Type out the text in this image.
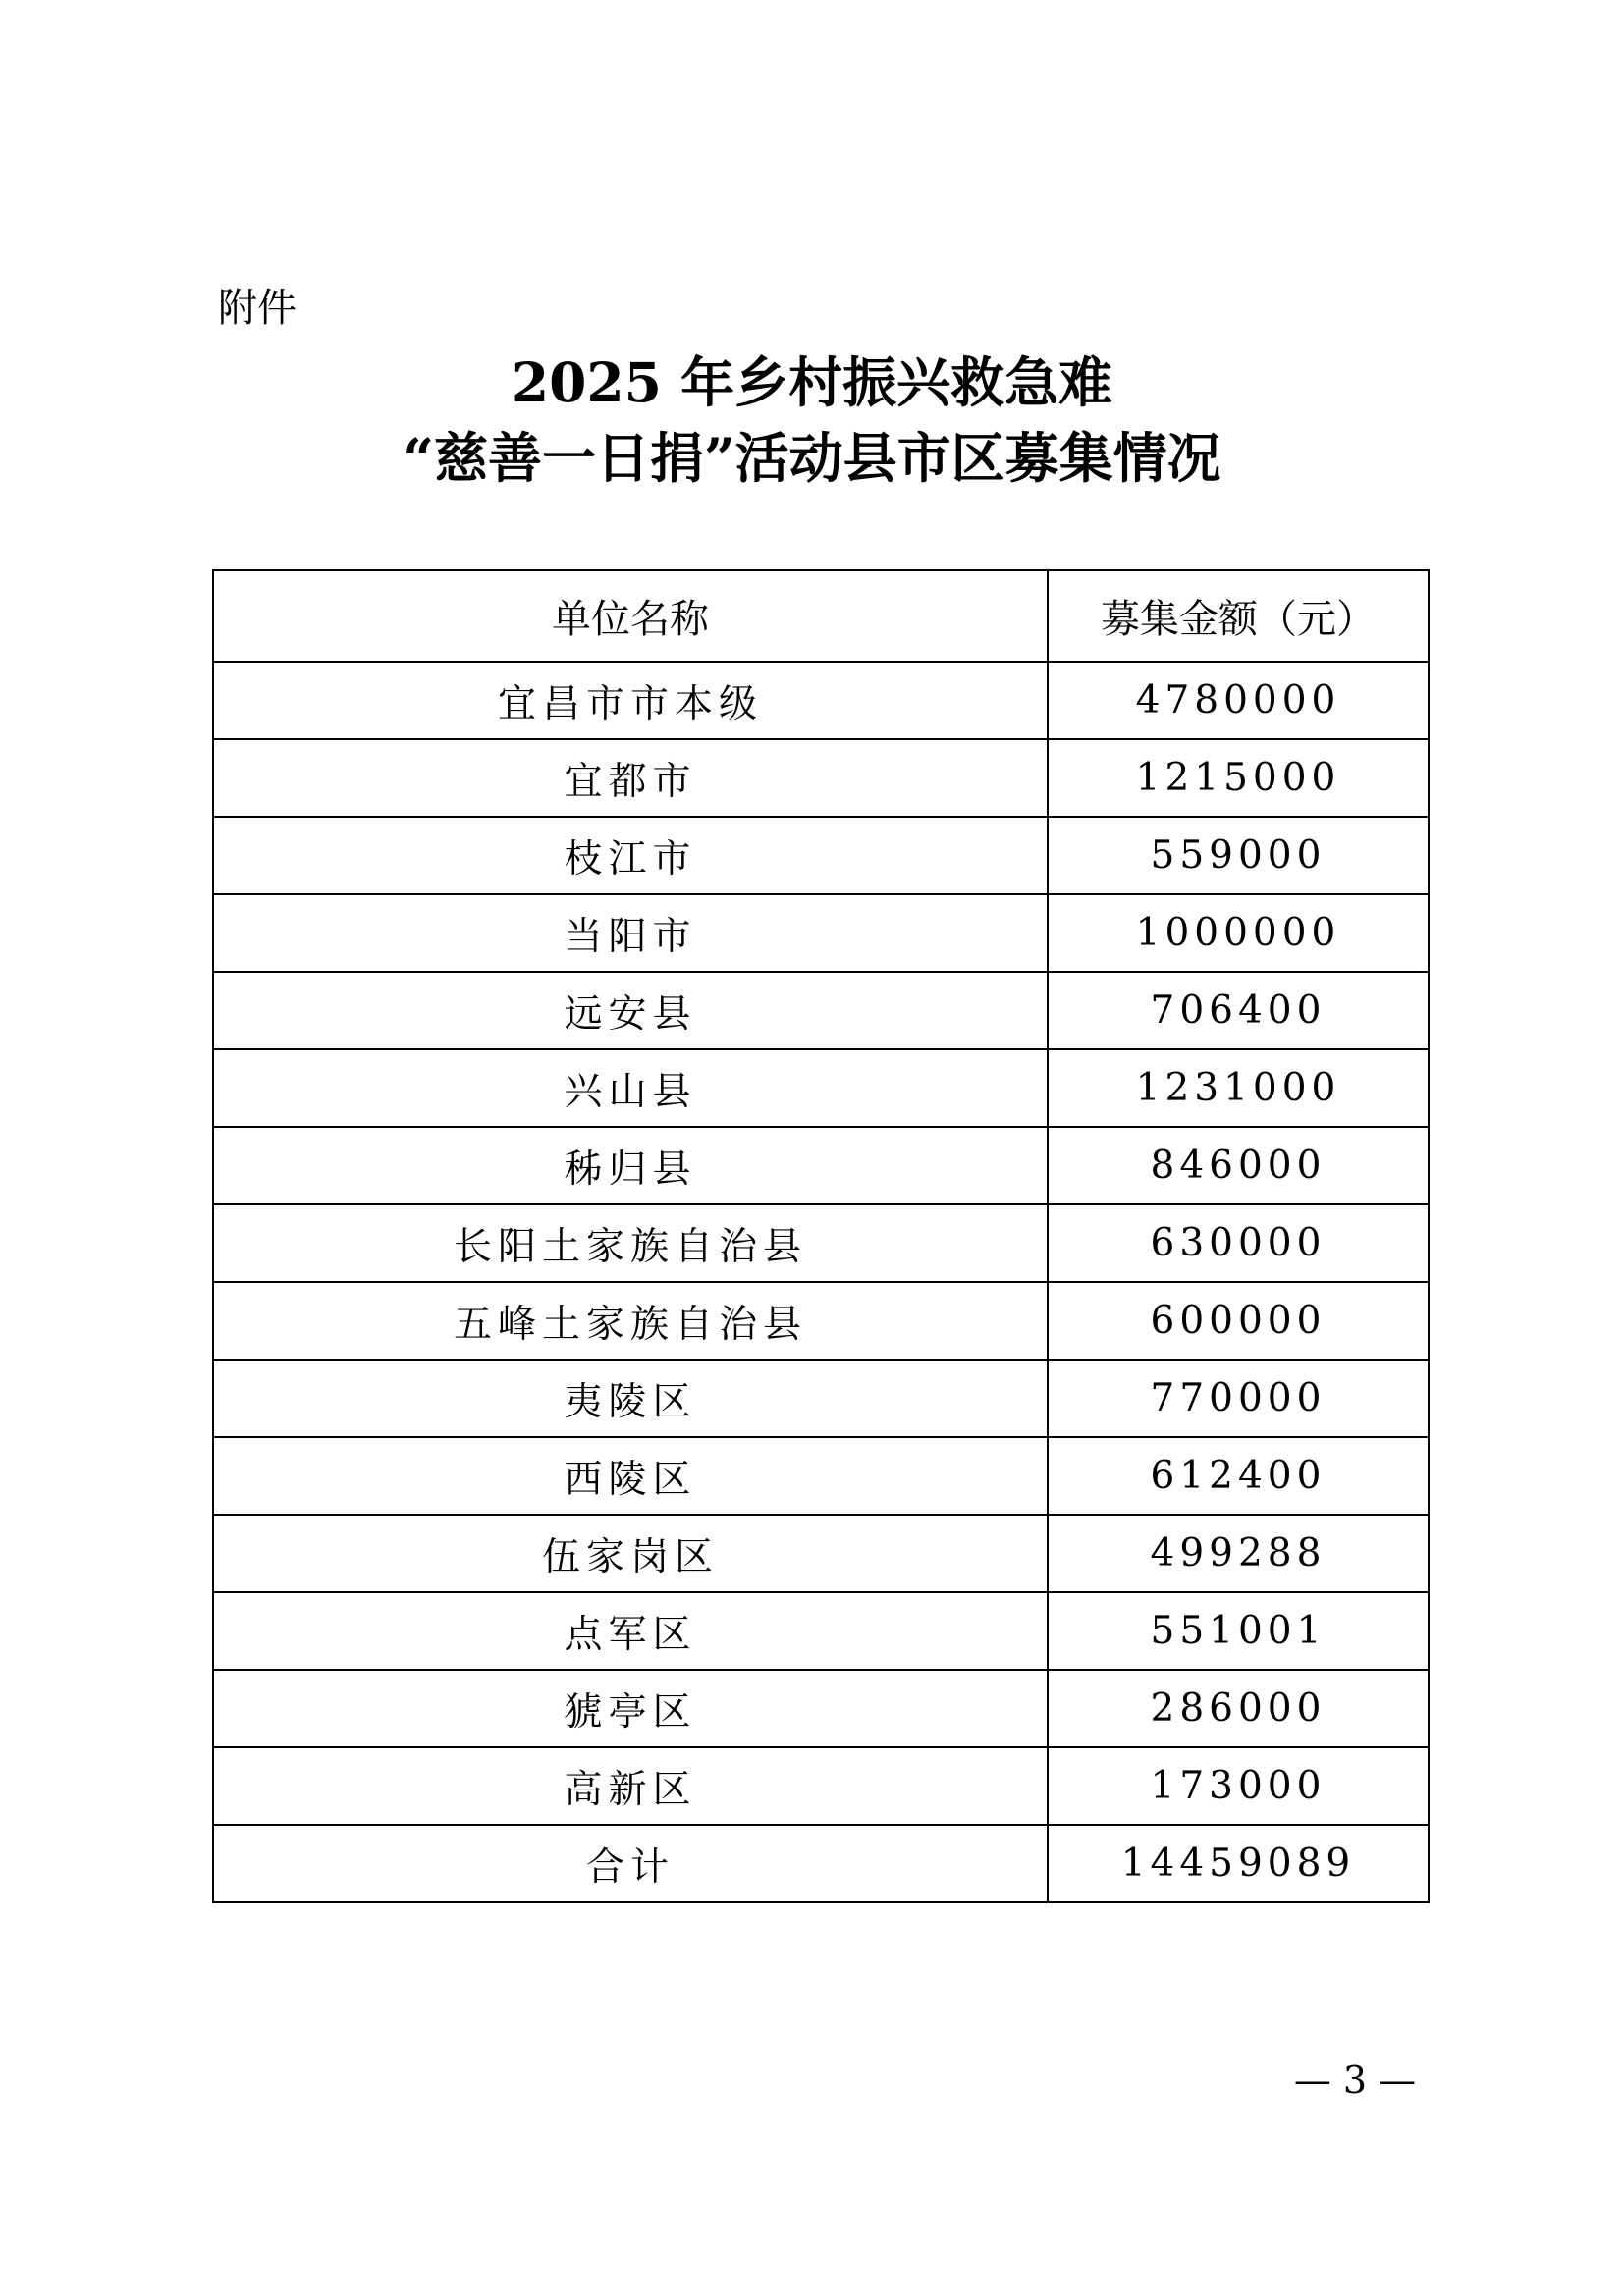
附件
2025 年乡村振兴救急难
“慈善一日捐”活动县市区募集情况
单位名称	募集金额（元）
宜昌市市本级	4780000
宜都市	1215000
枝江市	559000
当阳市	1000000
远安县	706400
兴山县	1231000
秭归县	846000
长阳土家族自治县	630000
五峰土家族自治县	600000
夷陵区	770000
西陵区	612400
伍家岗区	499288
点军区	551001
猇亭区	286000
高新区	173000
合计	14459089
— 3 —
